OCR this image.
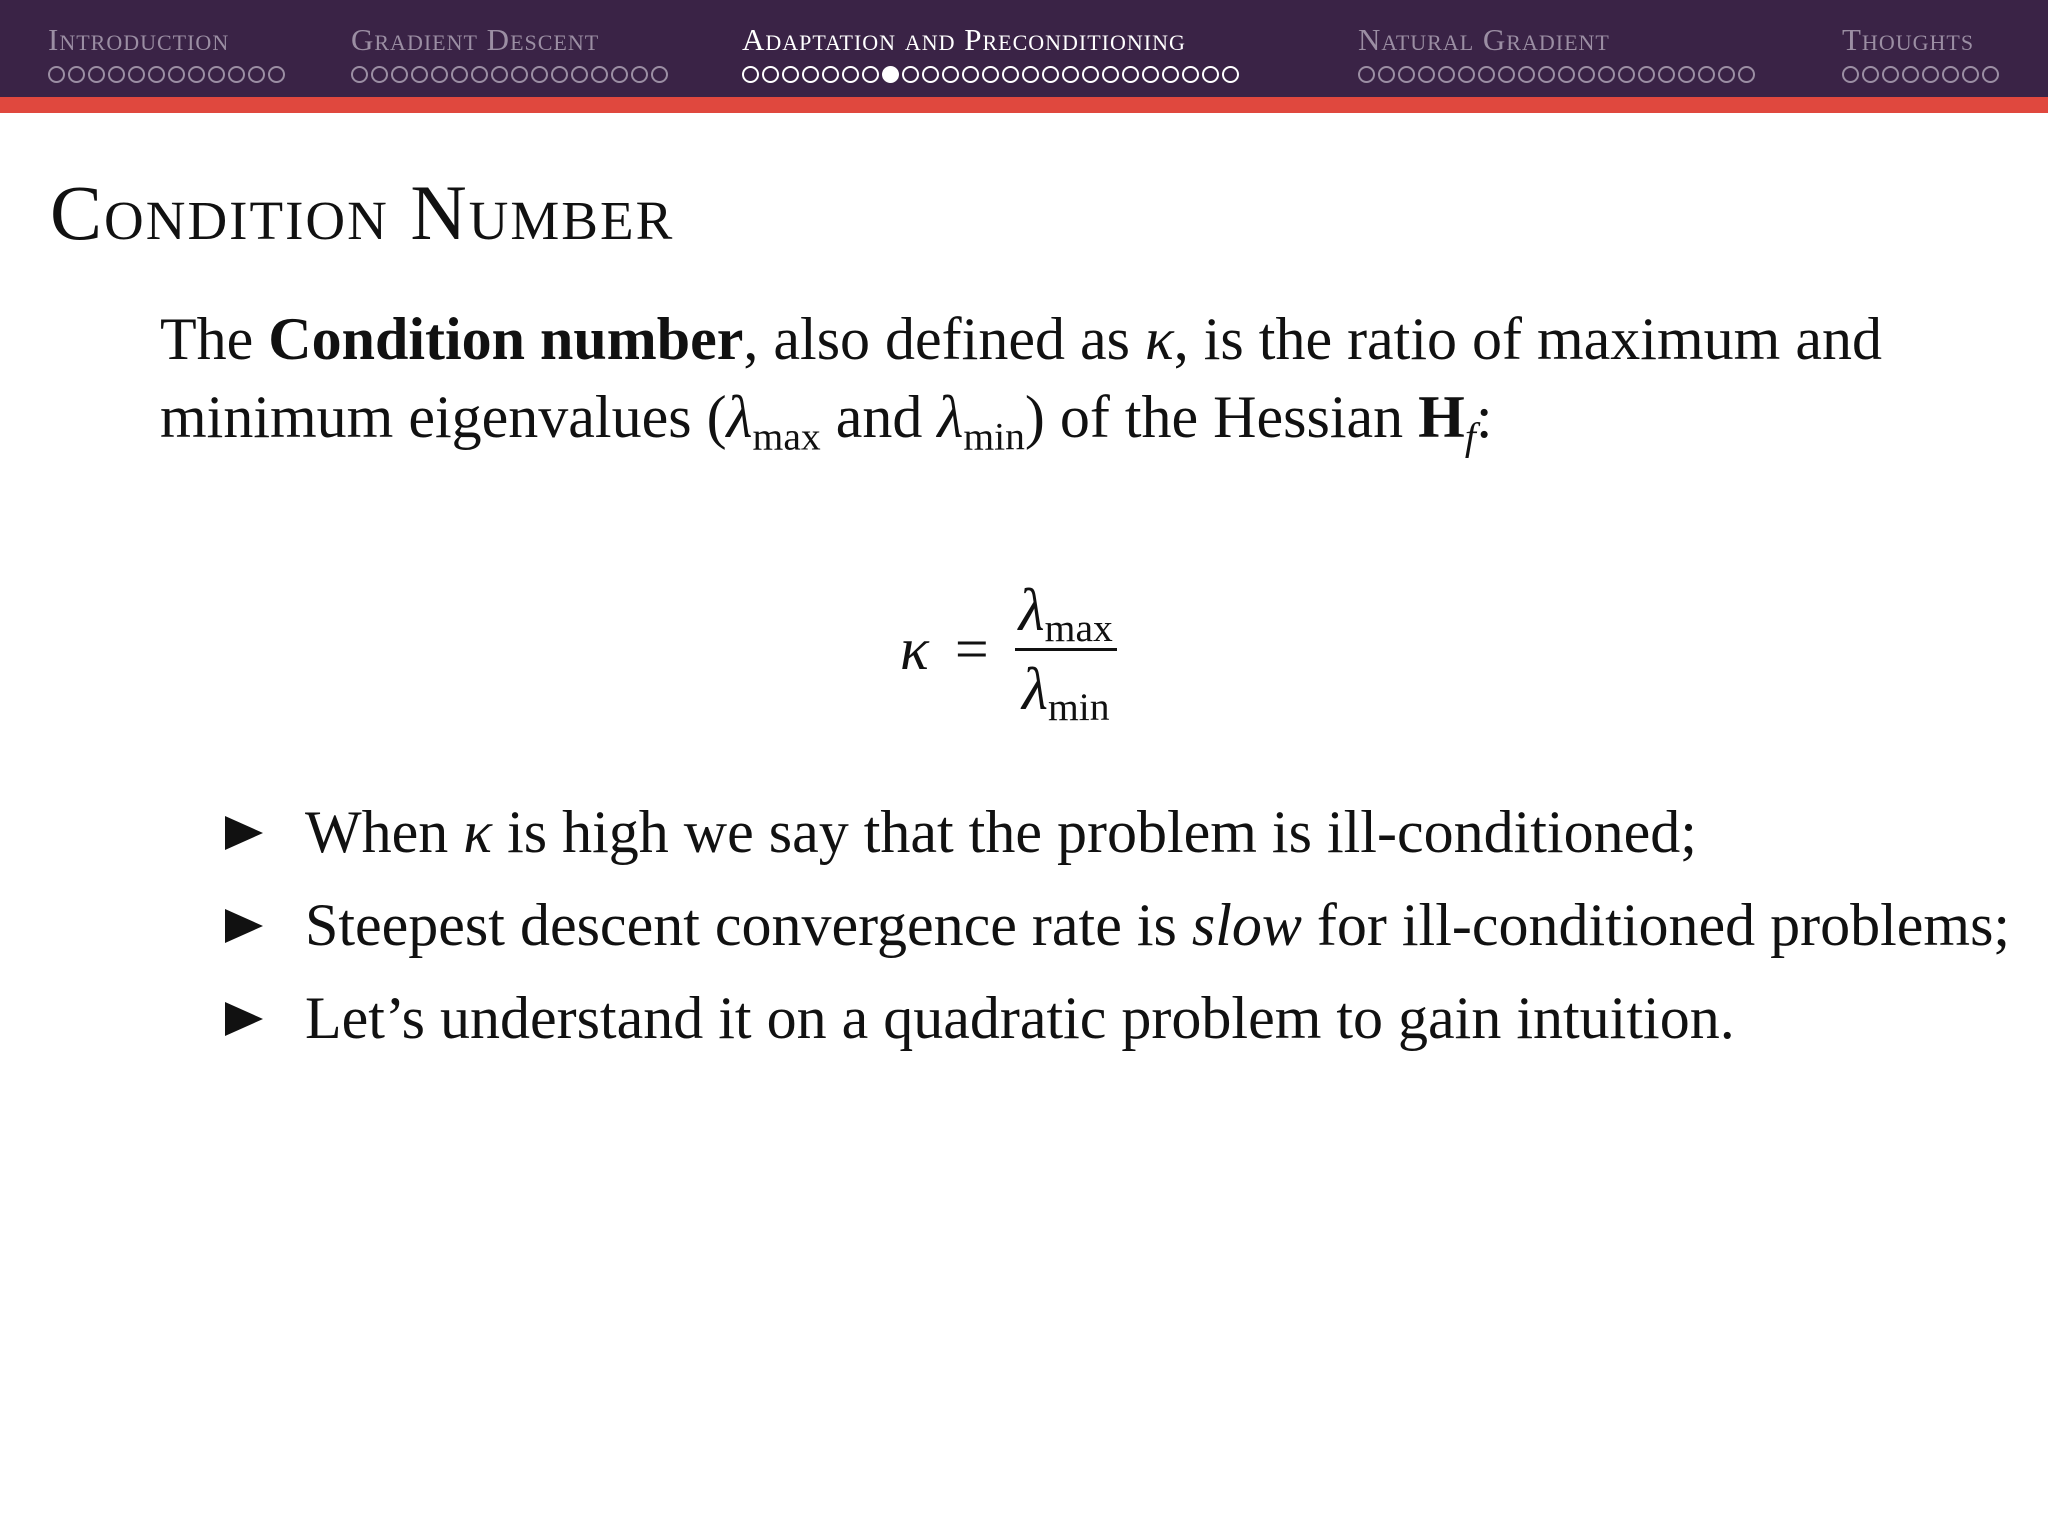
Introduction	Gradient Descent	Adaptation and Preconditioning	Natural Gradient	Thoughts
Condition Number

The Condition number, also defined as κ, is the ratio of maximum and minimum eigenvalues ($\lambda_{max}$ and $\lambda_{min}$) of the Hessian $H_f$:

$\kappa = \frac{\lambda_{max}}{\lambda_{min}}$
When κ is high we say that the problem is ill-conditioned;
Steepest descent convergence rate is slow for ill-conditioned problems;
Let’s understand it on a quadratic problem to gain intuition.
